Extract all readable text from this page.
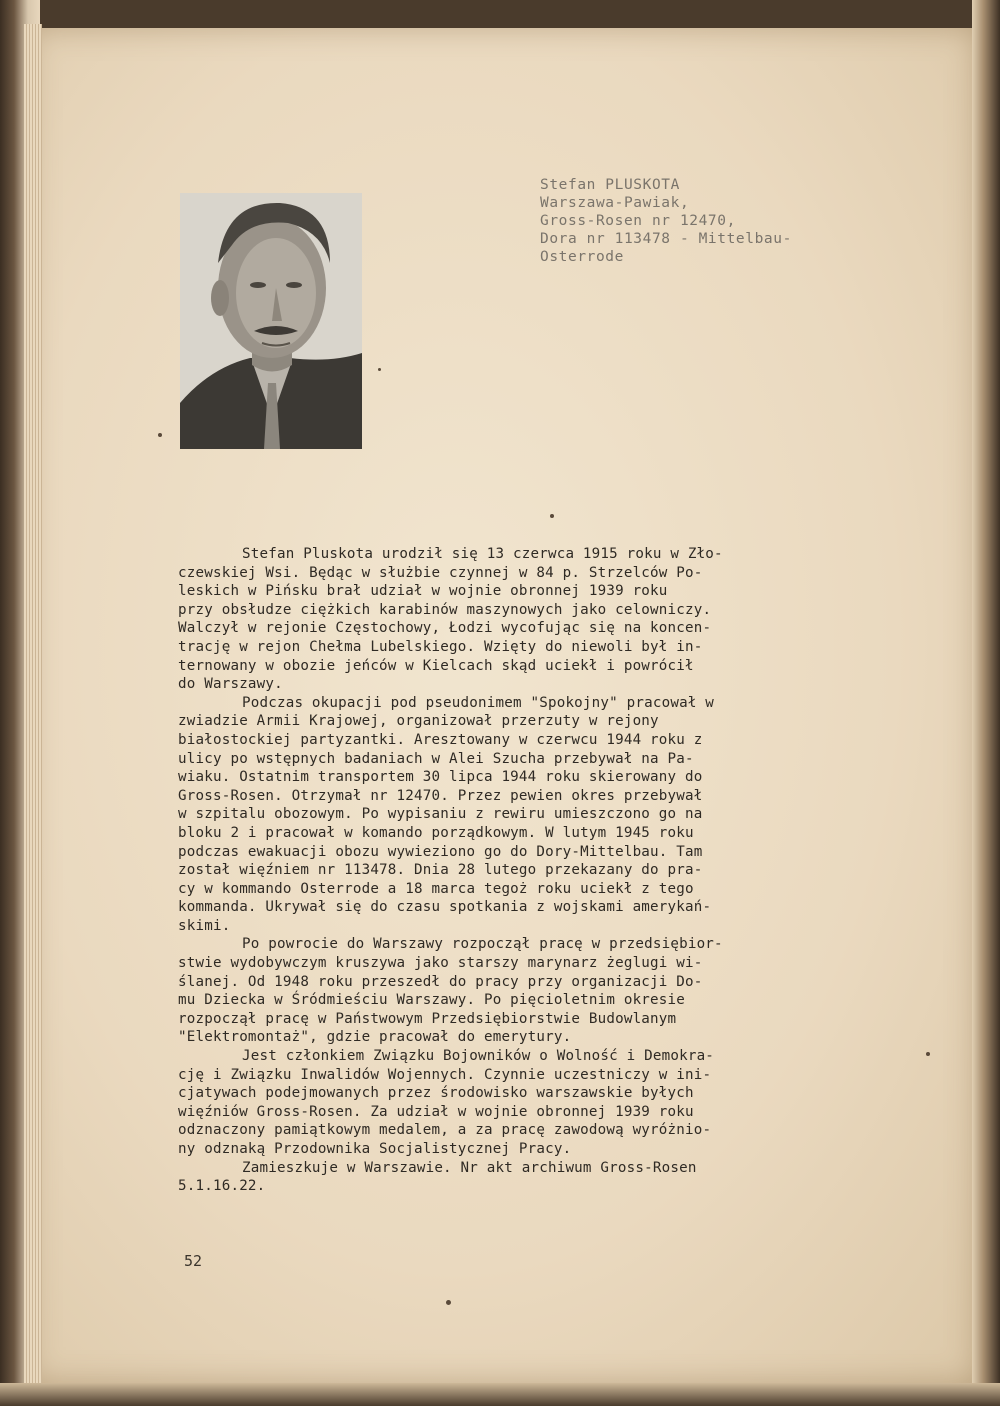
Stefan PLUSKOTA
Warszawa-Pawiak,
Gross-Rosen nr 12470,
Dora nr 113478 - Mittelbau-
Osterrode

Stefan Pluskota urodził się 13 czerwca 1915 roku w Zło-
czewskiej Wsi. Będąc w służbie czynnej w 84 p. Strzelców Po-
leskich w Pińsku brał udział w wojnie obronnej 1939 roku
przy obsłudze ciężkich karabinów maszynowych jako celowniczy.
Walczył w rejonie Częstochowy, Łodzi wycofując się na koncen-
trację w rejon Chełma Lubelskiego. Wzięty do niewoli był in-
ternowany w obozie jeńców w Kielcach skąd uciekł i powrócił
do Warszawy.

Podczas okupacji pod pseudonimem "Spokojny" pracował w
zwiadzie Armii Krajowej, organizował przerzuty w rejony
białostockiej partyzantki. Aresztowany w czerwcu 1944 roku z
ulicy po wstępnych badaniach w Alei Szucha przebywał na Pa-
wiaku. Ostatnim transportem 30 lipca 1944 roku skierowany do
Gross-Rosen. Otrzymał nr 12470. Przez pewien okres przebywał
w szpitalu obozowym. Po wypisaniu z rewiru umieszczono go na
bloku 2 i pracował w komando porządkowym. W lutym 1945 roku
podczas ewakuacji obozu wywieziono go do Dory-Mittelbau. Tam
został więźniem nr 113478. Dnia 28 lutego przekazany do pra-
cy w kommando Osterrode a 18 marca tegoż roku uciekł z tego
kommanda. Ukrywał się do czasu spotkania z wojskami amerykań-
skimi.

Po powrocie do Warszawy rozpoczął pracę w przedsiębior-
stwie wydobywczym kruszywa jako starszy marynarz żeglugi wi-
ślanej. Od 1948 roku przeszedł do pracy przy organizacji Do-
mu Dziecka w Śródmieściu Warszawy. Po pięcioletnim okresie
rozpoczął pracę w Państwowym Przedsiębiorstwie Budowlanym
"Elektromontaż", gdzie pracował do emerytury.

Jest członkiem Związku Bojowników o Wolność i Demokra-
cję i Związku Inwalidów Wojennych. Czynnie uczestniczy w ini-
cjatywach podejmowanych przez środowisko warszawskie byłych
więźniów Gross-Rosen. Za udział w wojnie obronnej 1939 roku
odznaczony pamiątkowym medalem, a za pracę zawodową wyróżnio-
ny odznaką Przodownika Socjalistycznej Pracy.

Zamieszkuje w Warszawie. Nr akt archiwum Gross-Rosen
5.1.16.22.

52
